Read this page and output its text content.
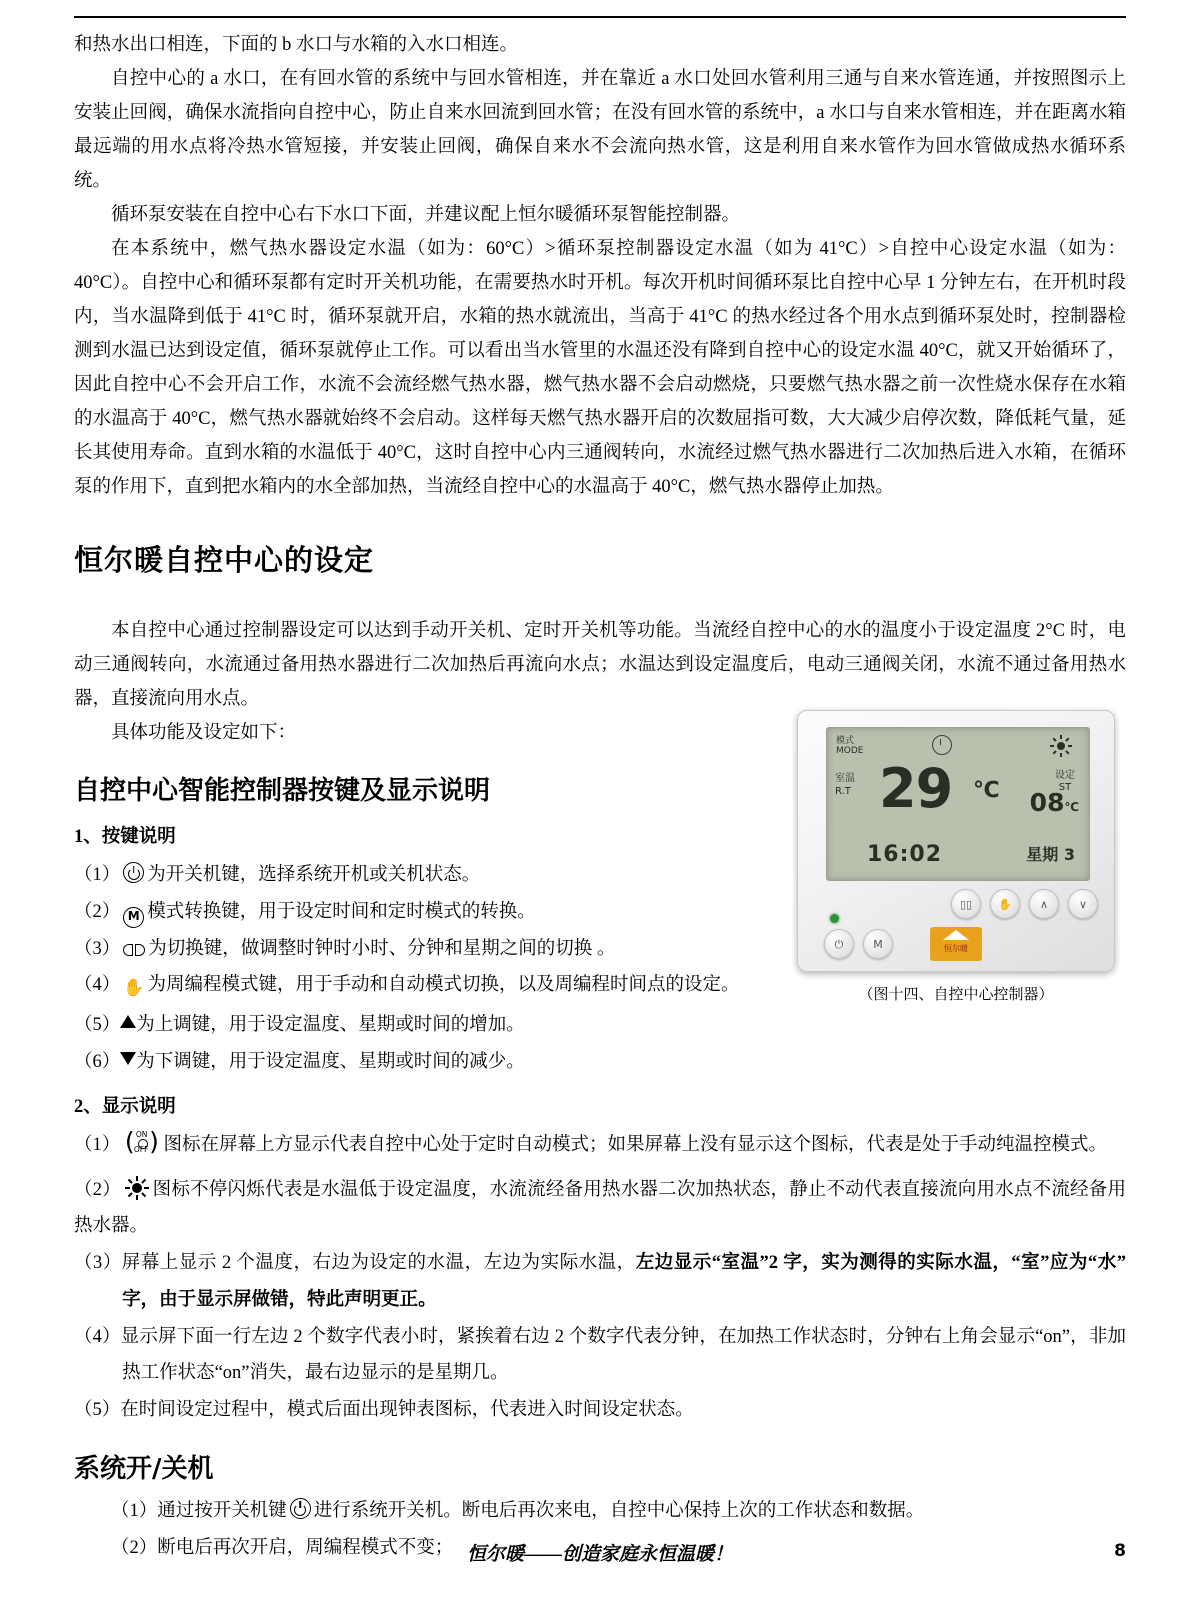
和热水出口相连，下面的 b 水口与水箱的入水口相连。

自控中心的 a 水口，在有回水管的系统中与回水管相连，并在靠近 a 水口处回水管利用三通与自来水管连通，并按照图示上安装止回阀，确保水流指向自控中心，防止自来水回流到回水管；在没有回水管的系统中，a 水口与自来水管相连，并在距离水箱最远端的用水点将冷热水管短接，并安装止回阀，确保自来水不会流向热水管，这是利用自来水管作为回水管做成热水循环系统。

循环泵安装在自控中心右下水口下面，并建议配上恒尔暖循环泵智能控制器。

在本系统中，燃气热水器设定水温（如为：60°C）>循环泵控制器设定水温（如为 41°C）>自控中心设定水温（如为：40°C）。自控中心和循环泵都有定时开关机功能，在需要热水时开机。每次开机时间循环泵比自控中心早 1 分钟左右，在开机时段内，当水温降到低于 41°C 时，循环泵就开启，水箱的热水就流出，当高于 41°C 的热水经过各个用水点到循环泵处时，控制器检测到水温已达到设定值，循环泵就停止工作。可以看出当水管里的水温还没有降到自控中心的设定水温 40°C，就又开始循环了，因此自控中心不会开启工作，水流不会流经燃气热水器，燃气热水器不会启动燃烧，只要燃气热水器之前一次性烧水保存在水箱的水温高于 40°C，燃气热水器就始终不会启动。这样每天燃气热水器开启的次数屈指可数，大大减少启停次数，降低耗气量，延长其使用寿命。直到水箱的水温低于 40°C，这时自控中心内三通阀转向，水流经过燃气热水器进行二次加热后进入水箱，在循环泵的作用下，直到把水箱内的水全部加热，当流经自控中心的水温高于 40°C，燃气热水器停止加热。

恒尔暖自控中心的设定

本自控中心通过控制器设定可以达到手动开关机、定时开关机等功能。当流经自控中心的水的温度小于设定温度 2°C 时，电动三通阀转向，水流通过备用热水器进行二次加热后再流向水点；水温达到设定温度后，电动三通阀关闭，水流不通过备用热水器，直接流向用水点。

具体功能及设定如下：

自控中心智能控制器按键及显示说明
1、按键说明
（1） 为开关机键，选择系统开机或关机状态。
（2） M 模式转换键，用于设定时间和定时模式的转换。
（3） 为切换键，做调整时钟时小时、分钟和星期之间的切换 。
（4） ✋ 为周编程模式键，用于手动和自动模式切换，以及周编程时间点的设定。
（5） 为上调键，用于设定温度、星期或时间的增加。
（6） 为下调键，用于设定温度、星期或时间的减少。
2、显示说明
（1） ( ON
OFF ) 图标在屏幕上方显示代表自控中心处于定时自动模式；如果屏幕上没有显示这个图标，代表是处于手动纯温控模式。
（2） 图标不停闪烁代表是水温低于设定温度，水流流经备用热水器二次加热状态，静止不动代表直接流向用水点不流经备用热水器。
（3）屏幕上显示 2 个温度，右边为设定的水温，左边为实际水温，左边显示“室温”2 字，实为测得的实际水温，“室”应为“水”字，由于显示屏做错，特此声明更正。
（4）显示屏下面一行左边 2 个数字代表小时，紧挨着右边 2 个数字代表分钟，在加热工作状态时，分钟右上角会显示“on”，非加热工作状态“on”消失，最右边显示的是星期几。
（5）在时间设定过程中，模式后面出现钟表图标，代表进入时间设定状态。
系统开/关机
（1）通过按开关机键 进行系统开关机。断电后再次来电，自控中心保持上次的工作状态和数据。
（2）断电后再次开启，周编程模式不变；
模式
MODE
室温
R.T 29 ℃
设定
ST
08℃
16:02	星期 3
▯▯	✋	∧	∨
⏻	M	恒尔暖
（图十四、自控中心控制器）
恒尔暖——创造家庭永恒温暖！	8
